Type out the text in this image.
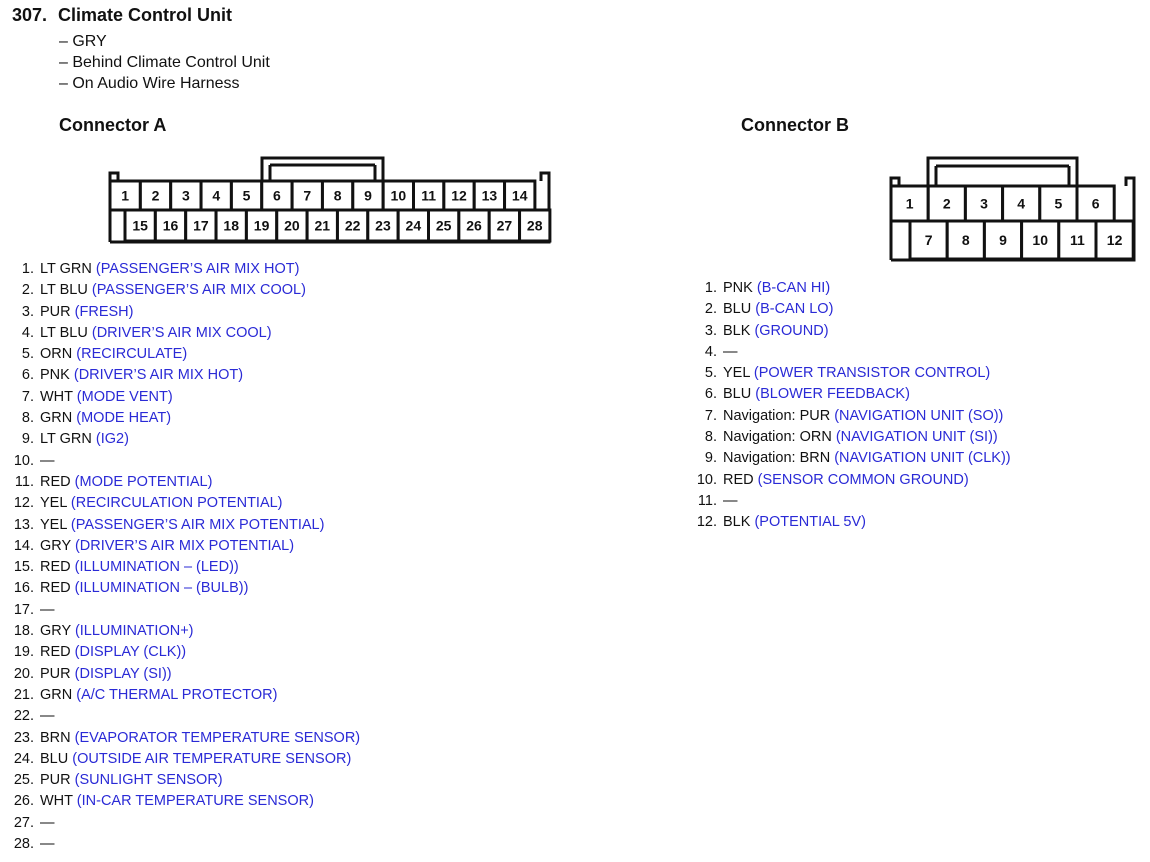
307. Climate Control Unit
– GRY
– Behind Climate Control Unit
– On Audio Wire Harness
Connector A	Connector B
1 2 3 4 5 6 7 8 9 10 11 12 13 14
15 16 17 18 19 20 21 22 23 24 25 26 27 28
1 2 3 4 5 6
7 8 9 10 11 12
1. LT GRN (PASSENGER’S AIR MIX HOT)
2. LT BLU (PASSENGER’S AIR MIX COOL)
3. PUR (FRESH)
4. LT BLU (DRIVER’S AIR MIX COOL)
5. ORN (RECIRCULATE)
6. PNK (DRIVER’S AIR MIX HOT)
7. WHT (MODE VENT)
8. GRN (MODE HEAT)
9. LT GRN (IG2)
10. —
11. RED (MODE POTENTIAL)
12. YEL (RECIRCULATION POTENTIAL)
13. YEL (PASSENGER’S AIR MIX POTENTIAL)
14. GRY (DRIVER’S AIR MIX POTENTIAL)
15. RED (ILLUMINATION – (LED))
16. RED (ILLUMINATION – (BULB))
17. —
18. GRY (ILLUMINATION+)
19. RED (DISPLAY (CLK))
20. PUR (DISPLAY (SI))
21. GRN (A/C THERMAL PROTECTOR)
22. —
23. BRN (EVAPORATOR TEMPERATURE SENSOR)
24. BLU (OUTSIDE AIR TEMPERATURE SENSOR)
25. PUR (SUNLIGHT SENSOR)
26. WHT (IN-CAR TEMPERATURE SENSOR)
27. —
28. —
1. PNK (B-CAN HI)
2. BLU (B-CAN LO)
3. BLK (GROUND)
4. —
5. YEL (POWER TRANSISTOR CONTROL)
6. BLU (BLOWER FEEDBACK)
7. Navigation: PUR (NAVIGATION UNIT (SO))
8. Navigation: ORN (NAVIGATION UNIT (SI))
9. Navigation: BRN (NAVIGATION UNIT (CLK))
10. RED (SENSOR COMMON GROUND)
11. —
12. BLK (POTENTIAL 5V)
